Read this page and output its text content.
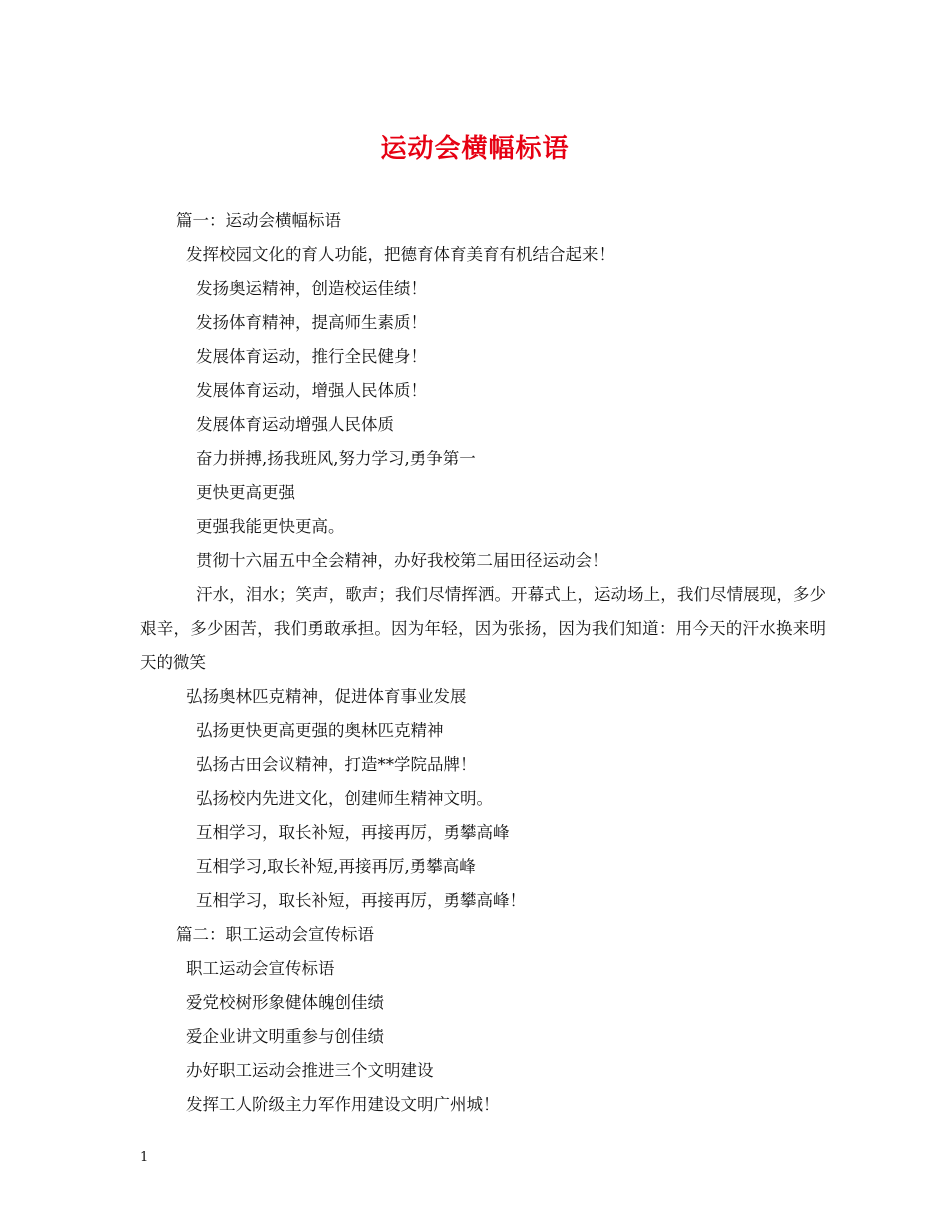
运动会横幅标语
篇一：运动会横幅标语
发挥校园文化的育人功能，把德育体育美育有机结合起来！
发扬奥运精神，创造校运佳绩！
发扬体育精神，提高师生素质！
发展体育运动，推行全民健身！
发展体育运动，增强人民体质！
发展体育运动增强人民体质
奋力拼搏,扬我班风,努力学习,勇争第一
更快更高更强
更强我能更快更高。
贯彻十六届五中全会精神，办好我校第二届田径运动会！
汗水，泪水；笑声，歌声；我们尽情挥洒。开幕式上，运动场上，我们尽情展现，多少艰辛，多少困苦，我们勇敢承担。因为年轻，因为张扬，因为我们知道：用今天的汗水换来明天的微笑
弘扬奥林匹克精神，促进体育事业发展
弘扬更快更高更强的奥林匹克精神
弘扬古田会议精神，打造**学院品牌！
弘扬校内先进文化，创建师生精神文明。
互相学习，取长补短，再接再厉，勇攀高峰
互相学习,取长补短,再接再厉,勇攀高峰
互相学习，取长补短，再接再厉，勇攀高峰！
篇二：职工运动会宣传标语
职工运动会宣传标语
爱党校树形象健体魄创佳绩
爱企业讲文明重参与创佳绩
办好职工运动会推进三个文明建设
发挥工人阶级主力军作用建设文明广州城！
1
